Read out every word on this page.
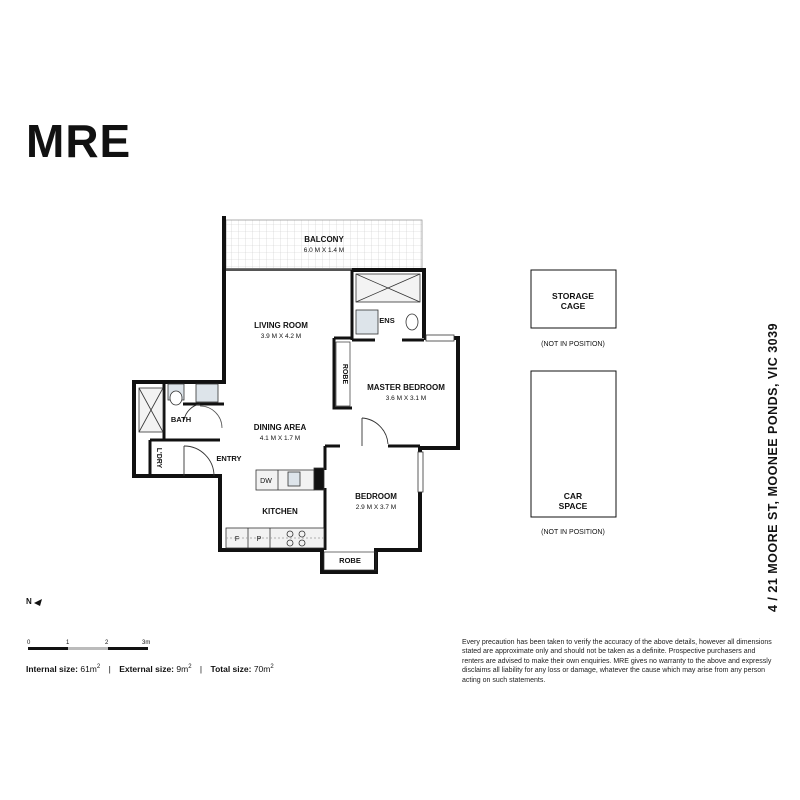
MRE
BALCONY
6.0 M X 1.4 M
LIVING ROOM
3.9 M X 4.2 M
DINING AREA
4.1 M X 1.7 M
MASTER BEDROOM
3.6 M X 3.1 M
BEDROOM
2.9 M X 3.7 M
KITCHEN
ENS
BATH
ENTRY
DW
F	P
ROBE
ROBE
L'DRY
STORAGE
CAGE
(NOT IN POSITION)
CAR
SPACE
(NOT IN POSITION)
N
0	1	2	3m
4 / 21 MOORE ST, MOONEE PONDS, VIC 3039
Internal size: $61m^2$ | External size: $9m^2$ | Total size: $70m^2$
Every precaution has been taken to verify the accuracy of the above details, however all dimensions stated are approximate only and should not be taken as a definite. Prospective purchasers and renters are advised to make their own enquiries. MRE gives no warranty to the above and expressly disclaims all liability for any loss or damage, whatever the cause which may arise from any person acting on such statements.
